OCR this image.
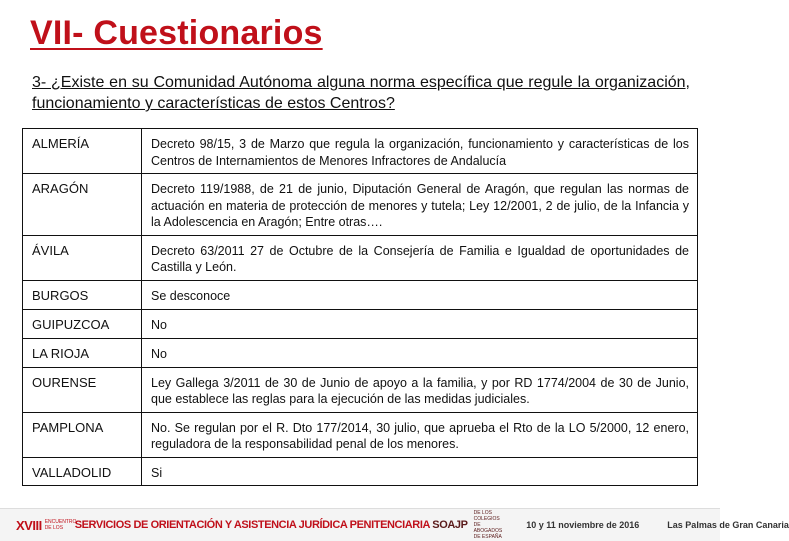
VII- Cuestionarios

3- ¿Existe en su Comunidad Autónoma alguna norma específica que regule la organización, funcionamiento y características de estos Centros?

ALMERÍA	Decreto 98/15, 3 de Marzo que regula la organización, funcionamiento y características de los Centros de Internamientos de Menores Infractores de Andalucía
ARAGÓN	Decreto 119/1988, de 21 de junio, Diputación General de Aragón, que regulan las normas de actuación en materia de protección de menores y tutela; Ley 12/2001, 2 de julio, de la Infancia y la Adolescencia en Aragón; Entre otras….
ÁVILA	Decreto 63/2011 27 de Octubre de la Consejería de Familia e Igualdad de oportunidades de Castilla y León.
BURGOS	Se desconoce
GUIPUZCOA	No
LA RIOJA	No
OURENSE	Ley Gallega 3/2011 de 30 de Junio de apoyo a la familia, y por RD 1774/2004 de 30 de Junio, que establece las reglas para la ejecución de las medidas judiciales.
PAMPLONA	No. Se regulan por el R. Dto 177/2014, 30 julio, que aprueba el Rto de la LO 5/2000, 12 enero, reguladora de la responsabilidad penal de los menores.
VALLADOLID	Si
XVIII ENCUENTRO DE LOS	SERVICIOS DE ORIENTACIÓN Y ASISTENCIA JURÍDICA PENITENCIARIA SOAJP
DE LOS COLEGIOS DE ABOGADOS DE ESPAÑA
10 y 11 noviembre de 2016	Las Palmas de Gran Canaria
